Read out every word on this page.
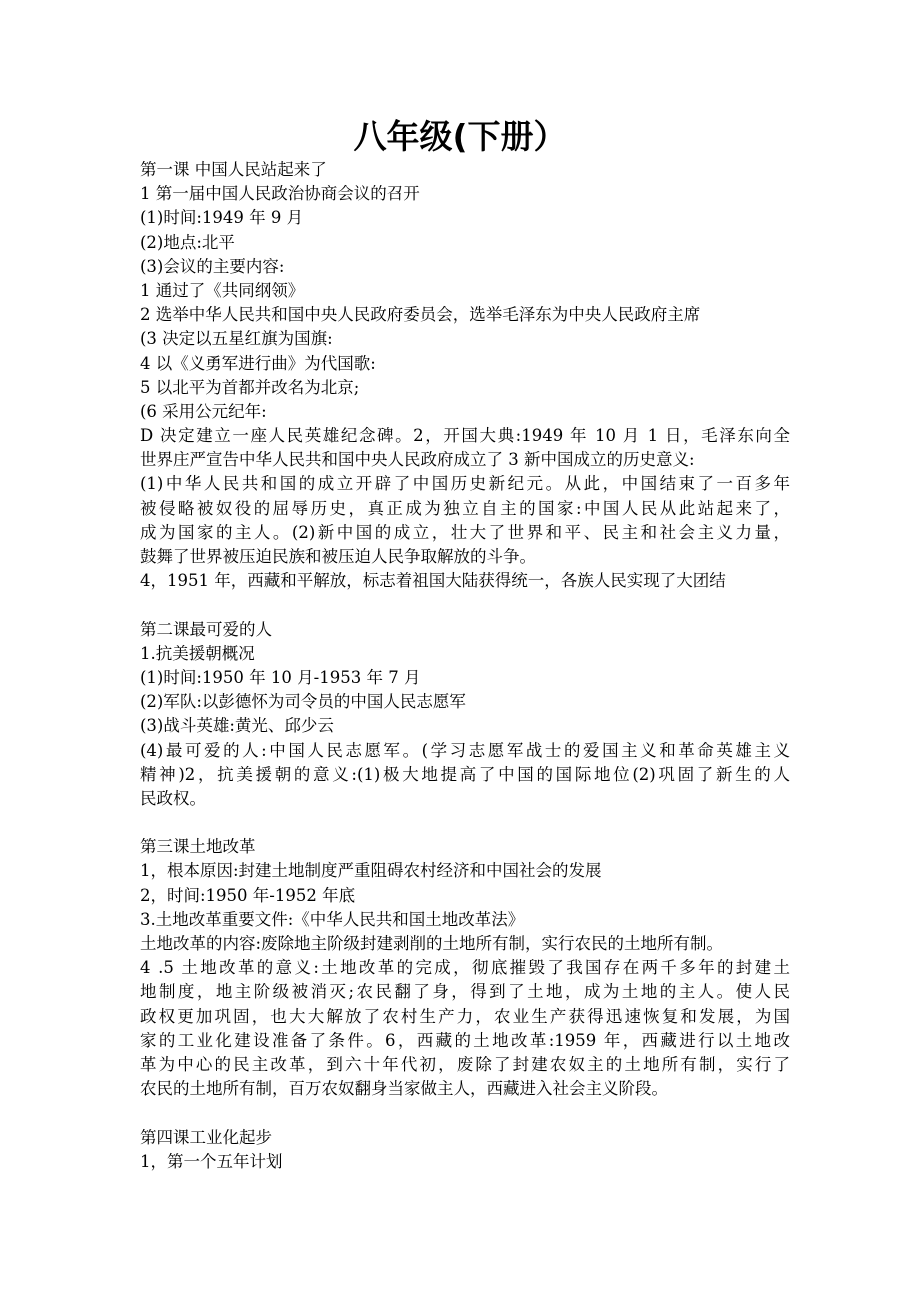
八年级(下册）
第一课 中国人民站起来了
1 第一届中国人民政治协商会议的召开
(1)时间:1949 年 9 月
(2)地点:北平
(3)会议的主要内容:
1 通过了《共同纲领》
2 选举中华人民共和国中央人民政府委员会，选举毛泽东为中央人民政府主席
(3 决定以五星红旗为国旗:
4 以《义勇军进行曲》为代国歌:
5 以北平为首都并改名为北京;
(6 采用公元纪年:
D 决定建立一座人民英雄纪念碑。2，开国大典:1949 年 10 月 1 日，毛泽东向全
世界庄严宣告中华人民共和国中央人民政府成立了 3 新中国成立的历史意义:
(1)中华人民共和国的成立开辟了中国历史新纪元。从此，中国结束了一百多年
被侵略被奴役的屈辱历史，真正成为独立自主的国家:中国人民从此站起来了，
成为国家的主人。(2)新中国的成立，壮大了世界和平、民主和社会主义力量，
鼓舞了世界被压迫民族和被压迫人民争取解放的斗争。
4，1951 年，西藏和平解放，标志着祖国大陆获得统一，各族人民实现了大团结
第二课最可爱的人
1.抗美援朝概况
(1)时间:1950 年 10 月-1953 年 7 月
(2)军队:以彭德怀为司令员的中国人民志愿军
(3)战斗英雄:黄光、邱少云
(4)最可爱的人:中国人民志愿军。(学习志愿军战士的爱国主义和革命英雄主义
精神)2，抗美援朝的意义:(1)极大地提高了中国的国际地位(2)巩固了新生的人
民政权。
第三课土地改革
1，根本原因:封建土地制度严重阻碍农村经济和中国社会的发展
2，时间:1950 年-1952 年底
3.土地改革重要文件:《中华人民共和国土地改革法》
土地改革的内容:废除地主阶级封建剥削的土地所有制，实行农民的土地所有制。
4 .5 土地改革的意义:土地改革的完成，彻底摧毁了我国存在两千多年的封建土
地制度，地主阶级被消灭;农民翻了身，得到了土地，成为土地的主人。使人民
政权更加巩固，也大大解放了农村生产力，农业生产获得迅速恢复和发展，为国
家的工业化建设准备了条件。6，西藏的土地改革:1959 年，西藏进行以土地改
革为中心的民主改革，到六十年代初，废除了封建农奴主的土地所有制，实行了
农民的土地所有制，百万农奴翻身当家做主人，西藏进入社会主义阶段。
第四课工业化起步
1，第一个五年计划
